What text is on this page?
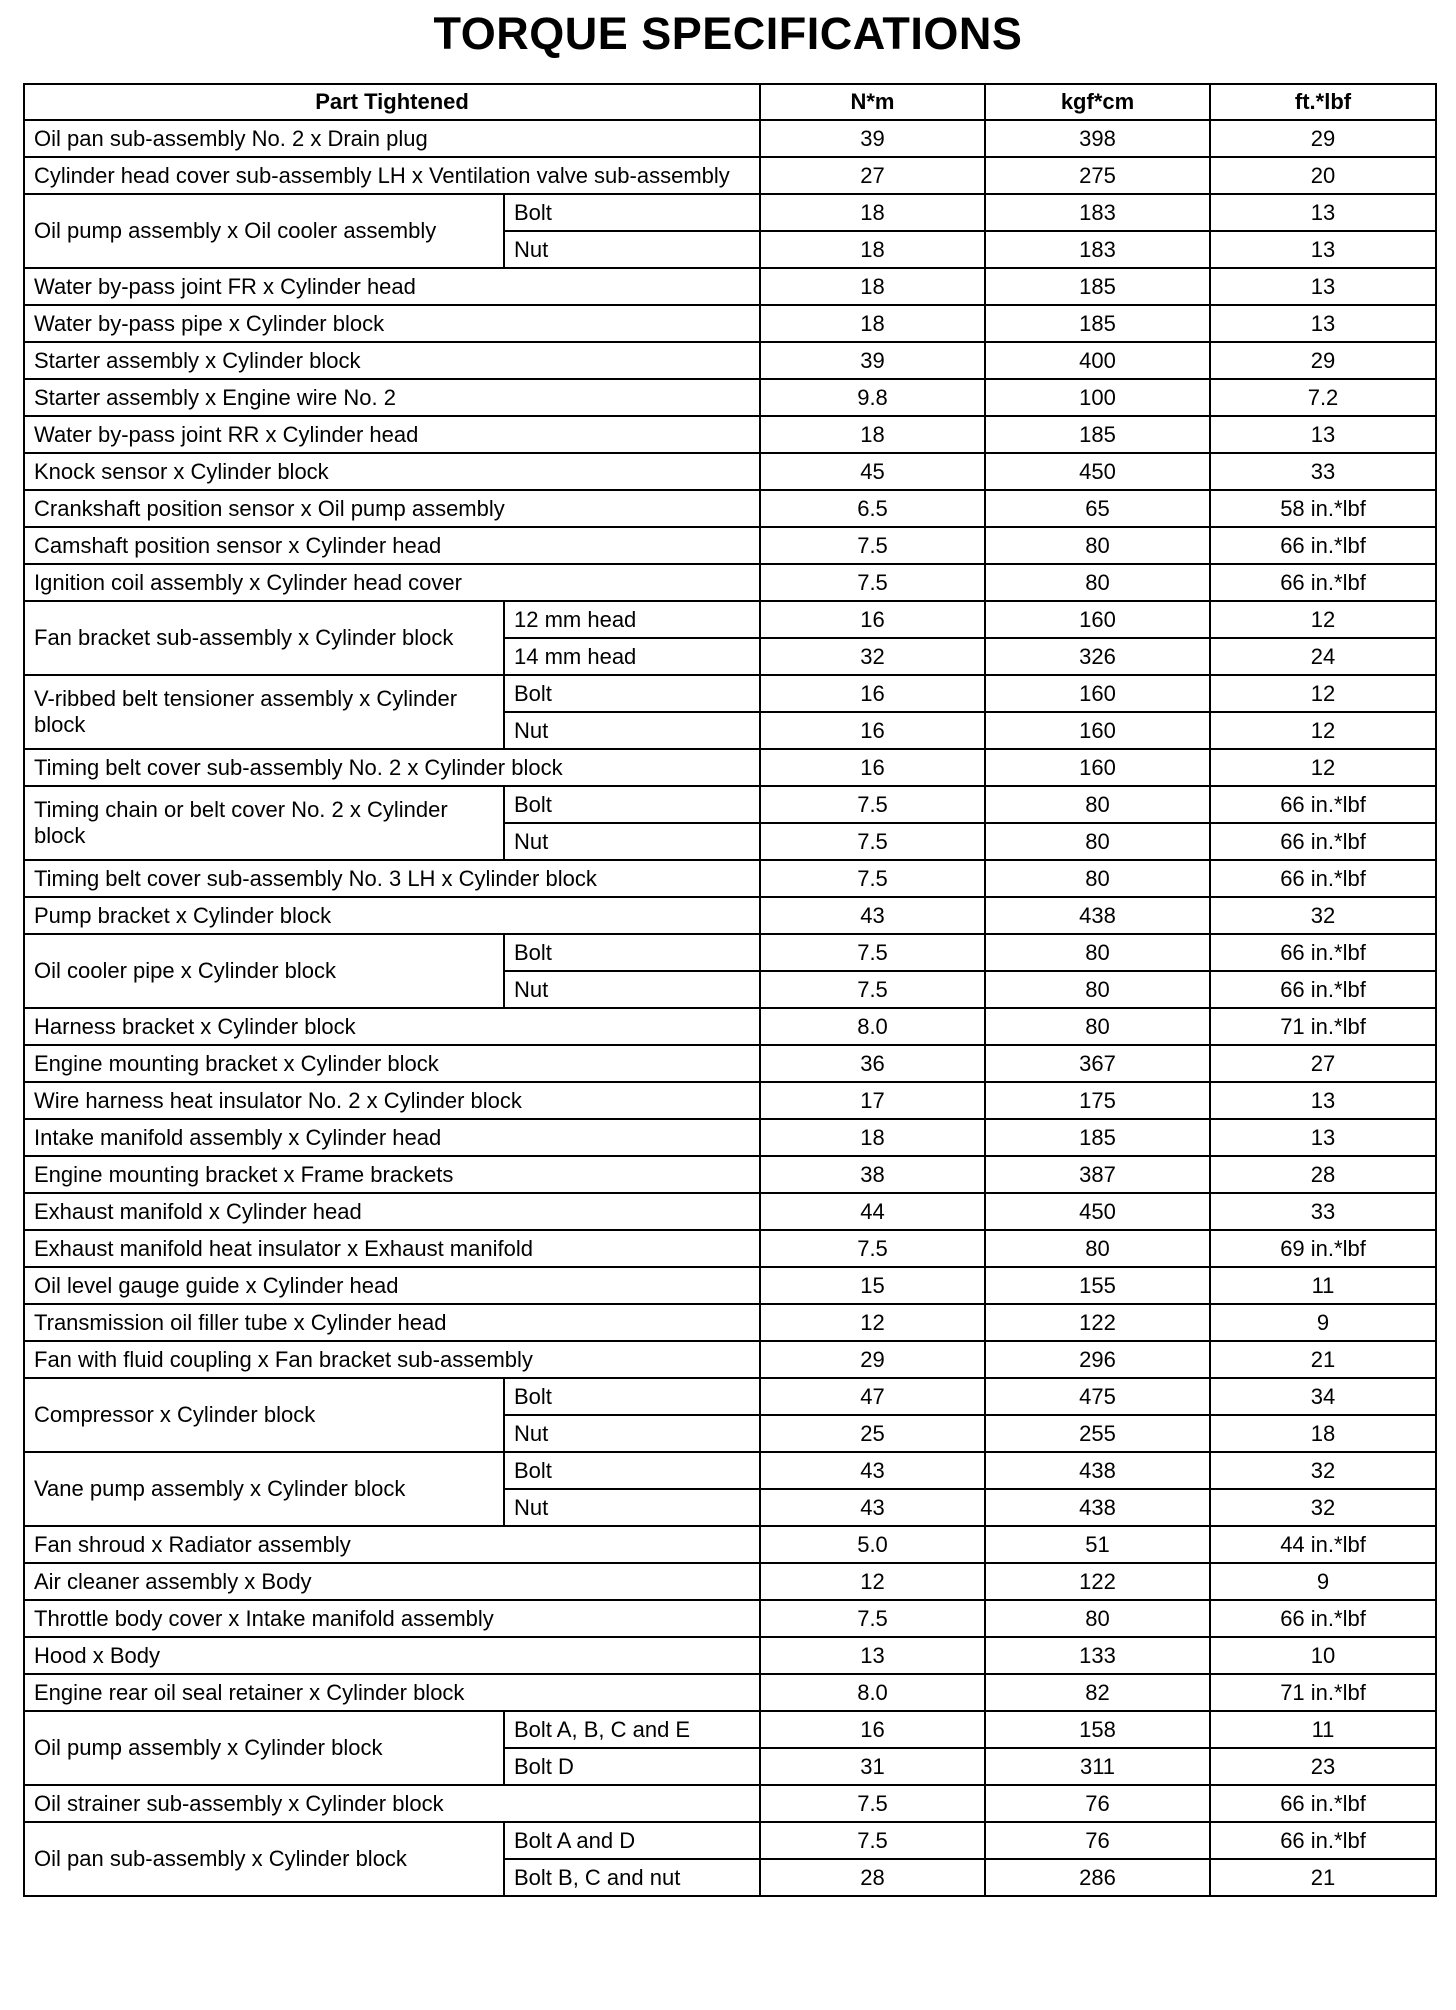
TORQUE SPECIFICATIONS
Part Tightened		N*m	kgf*cm	ft.*lbf
Oil pan sub-assembly No. 2 x Drain plug		39	398	29
Cylinder head cover sub-assembly LH x Ventilation valve sub-assembly		27	275	20
Oil pump assembly x Oil cooler assembly	Bolt	18	183	13
	Nut	18	183	13
Water by-pass joint FR x Cylinder head		18	185	13
Water by-pass pipe x Cylinder block		18	185	13
Starter assembly x Cylinder block		39	400	29
Starter assembly x Engine wire No. 2		9.8	100	7.2
Water by-pass joint RR x Cylinder head		18	185	13
Knock sensor x Cylinder block		45	450	33
Crankshaft position sensor x Oil pump assembly		6.5	65	58 in.*lbf
Camshaft position sensor x Cylinder head		7.5	80	66 in.*lbf
Ignition coil assembly x Cylinder head cover		7.5	80	66 in.*lbf
Fan bracket sub-assembly x Cylinder block	12 mm head	16	160	12
	14 mm head	32	326	24
V-ribbed belt tensioner assembly x Cylinder block	Bolt	16	160	12
	Nut	16	160	12
Timing belt cover sub-assembly No. 2 x Cylinder block		16	160	12
Timing chain or belt cover No. 2 x Cylinder block	Bolt	7.5	80	66 in.*lbf
	Nut	7.5	80	66 in.*lbf
Timing belt cover sub-assembly No. 3 LH x Cylinder block		7.5	80	66 in.*lbf
Pump bracket x Cylinder block		43	438	32
Oil cooler pipe x Cylinder block	Bolt	7.5	80	66 in.*lbf
	Nut	7.5	80	66 in.*lbf
Harness bracket x Cylinder block		8.0	80	71 in.*lbf
Engine mounting bracket x Cylinder block		36	367	27
Wire harness heat insulator No. 2 x Cylinder block		17	175	13
Intake manifold assembly x Cylinder head		18	185	13
Engine mounting bracket x Frame brackets		38	387	28
Exhaust manifold x Cylinder head		44	450	33
Exhaust manifold heat insulator x Exhaust manifold		7.5	80	69 in.*lbf
Oil level gauge guide x Cylinder head		15	155	11
Transmission oil filler tube x Cylinder head		12	122	9
Fan with fluid coupling x Fan bracket sub-assembly		29	296	21
Compressor x Cylinder block	Bolt	47	475	34
	Nut	25	255	18
Vane pump assembly x Cylinder block	Bolt	43	438	32
	Nut	43	438	32
Fan shroud x Radiator assembly		5.0	51	44 in.*lbf
Air cleaner assembly x Body		12	122	9
Throttle body cover x Intake manifold assembly		7.5	80	66 in.*lbf
Hood x Body		13	133	10
Engine rear oil seal retainer x Cylinder block		8.0	82	71 in.*lbf
Oil pump assembly x Cylinder block	Bolt A, B, C and E	16	158	11
	Bolt D	31	311	23
Oil strainer sub-assembly x Cylinder block		7.5	76	66 in.*lbf
Oil pan sub-assembly x Cylinder block	Bolt A and D	7.5	76	66 in.*lbf
	Bolt B, C and nut	28	286	21
